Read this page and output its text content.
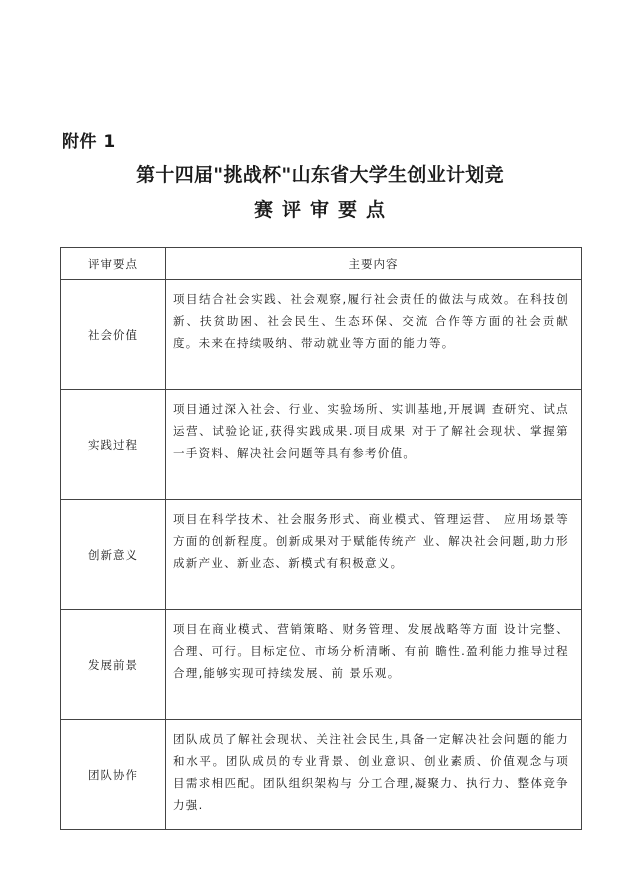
附件 1
第十四届"挑战杯"山东省大学生创业计划竞
赛评审要点
评审要点	主要内容
社会价值	项目结合社会实践、社会观察,履行社会责任的做法与成效。在科技创新、扶贫助困、社会民生、生态环保、交流 合作等方面的社会贡献度。未来在持续吸纳、带动就业等方面的能力等。
实践过程	项目通过深入社会、行业、实验场所、实训基地,开展调 查研究、试点运营、试验论证,获得实践成果.项目成果 对于了解社会现状、掌握第一手资料、解决社会问题等具有参考价值。
创新意义	项目在科学技术、社会服务形式、商业模式、管理运营、 应用场景等方面的创新程度。创新成果对于赋能传统产 业、解决社会问题,助力形成新产业、新业态、新模式有积极意义。
发展前景	项目在商业模式、营销策略、财务管理、发展战略等方面 设计完整、合理、可行。目标定位、市场分析清晰、有前 瞻性.盈利能力推导过程合理,能够实现可持续发展、前 景乐观。
团队协作	团队成员了解社会现状、关注社会民生,具备一定解决社会问题的能力和水平。团队成员的专业背景、创业意识、创业素质、价值观念与项目需求相匹配。团队组织架构与 分工合理,凝聚力、执行力、整体竞争力强.
